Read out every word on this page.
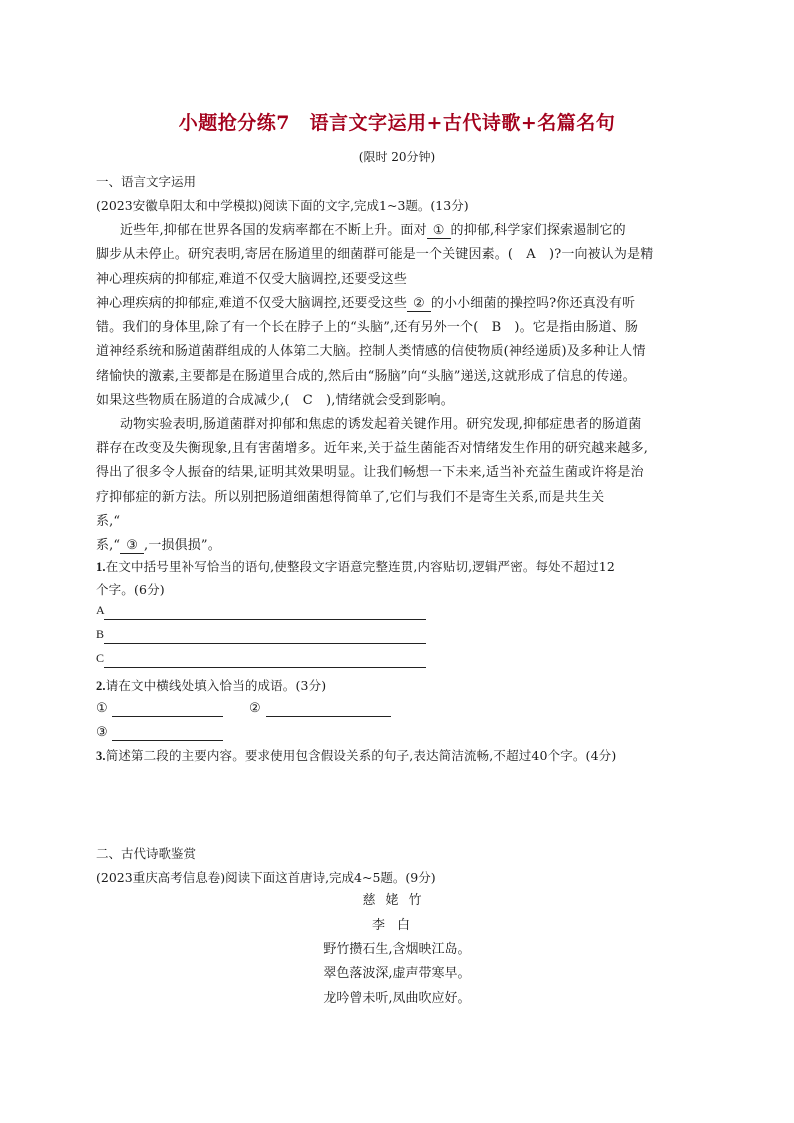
小题抢分练7　语言文字运用+古代诗歌+名篇名句
(限时 20分钟)
一、语言文字运用
(2023安徽阜阳太和中学模拟)阅读下面的文字,完成1~3题。(13分)
近些年,抑郁在世界各国的发病率都在不断上升。面对 ① 的抑郁,科学家们探索遏制它的
脚步从未停止。研究表明,寄居在肠道里的细菌群可能是一个关键因素。(　A　)?一向被认为是精
神心理疾病的抑郁症,难道不仅受大脑调控,还要受这些
神心理疾病的抑郁症,难道不仅受大脑调控,还要受这些 ② 的小小细菌的操控吗?你还真没有听
错。我们的身体里,除了有一个长在脖子上的“头脑”,还有另外一个(　B　)。它是指由肠道、肠
道神经系统和肠道菌群组成的人体第二大脑。控制人类情感的信使物质(神经递质)及多种让人情
绪愉快的激素,主要都是在肠道里合成的,然后由“肠脑”向“头脑”递送,这就形成了信息的传递。
如果这些物质在肠道的合成减少,(　C　),情绪就会受到影响。
动物实验表明,肠道菌群对抑郁和焦虑的诱发起着关键作用。研究发现,抑郁症患者的肠道菌
群存在改变及失衡现象,且有害菌增多。近年来,关于益生菌能否对情绪发生作用的研究越来越多,
得出了很多令人振奋的结果,证明其效果明显。让我们畅想一下未来,适当补充益生菌或许将是治
疗抑郁症的新方法。所以别把肠道细菌想得简单了,它们与我们不是寄生关系,而是共生关
系,“
系,“ ③ ,一损俱损”。
1.在文中括号里补写恰当的语句,使整段文字语意完整连贯,内容贴切,逻辑严密。每处不超过12
个字。(6分)
A
B
C
2.请在文中横线处填入恰当的成语。(3分)
①	②
③
3.简述第二段的主要内容。要求使用包含假设关系的句子,表达简洁流畅,不超过40个字。(4分)
二、古代诗歌鉴赏
(2023重庆高考信息卷)阅读下面这首唐诗,完成4~5题。(9分)
慈姥竹
李白
野竹攒石生,含烟映江岛。
翠色落波深,虚声带寒早。
龙吟曾未听,凤曲吹应好。
